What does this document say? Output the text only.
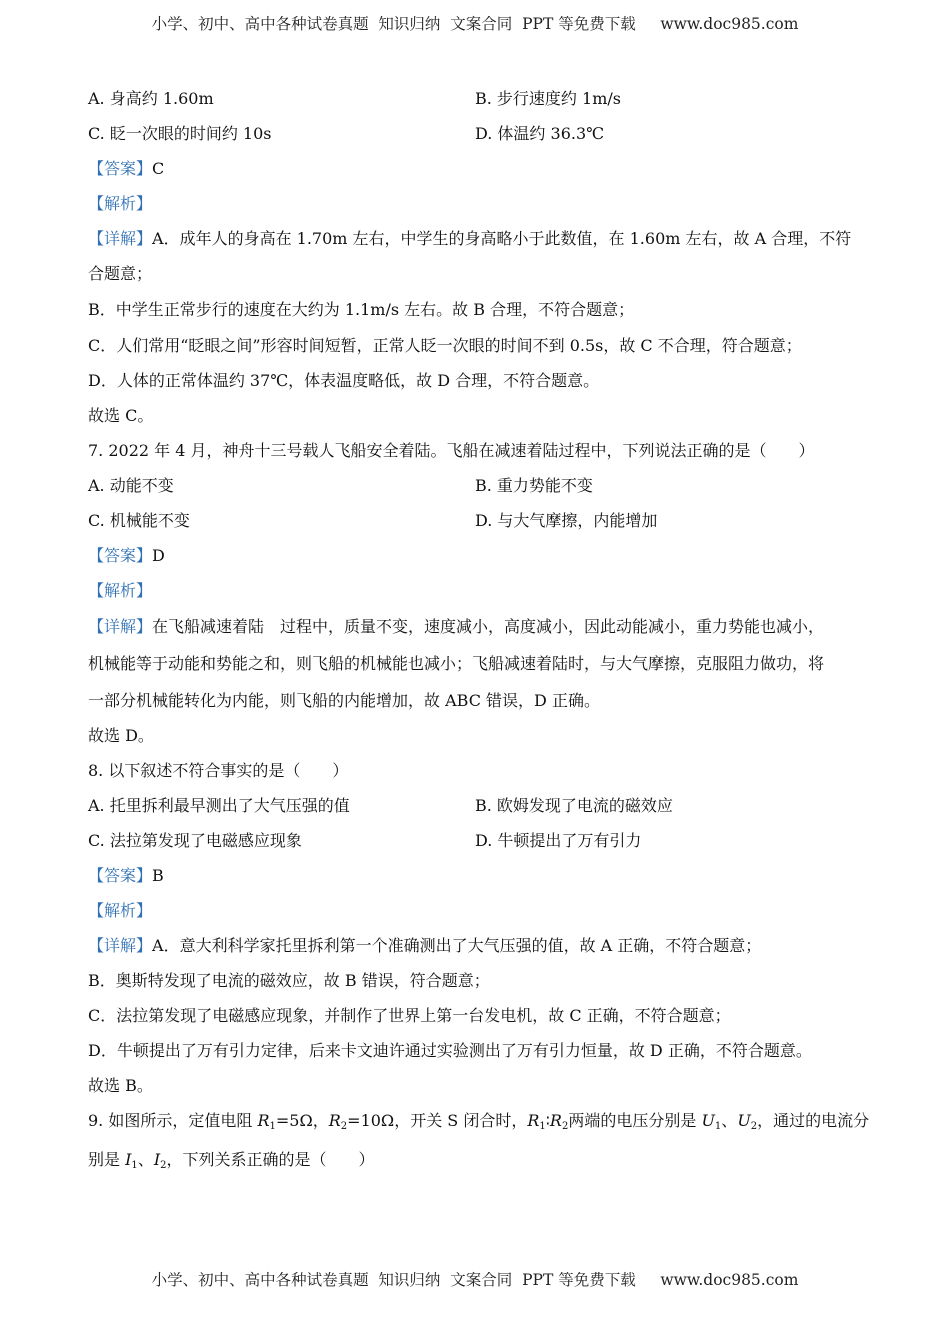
小学、初中、高中各种试卷真题  知识归纳  文案合同  PPT 等免费下载     www.doc985.com
A. 身高约 1.60m	B. 步行速度约 1m/s
C. 眨一次眼的时间约 10s	D. 体温约 36.3℃
【答案】C
【解析】
【详解】A．成年人的身高在 1.70m 左右，中学生的身高略小于此数值，在 1.60m 左右，故 A 合理，不符
合题意；
B．中学生正常步行的速度在大约为 1.1m/s 左右。故 B 合理，不符合题意；
C．人们常用“眨眼之间”形容时间短暂，正常人眨一次眼的时间不到 0.5s，故 C 不合理，符合题意；
D．人体的正常体温约 37℃，体表温度略低，故 D 合理，不符合题意。
故选 C。
7. 2022 年 4 月，神舟十三号载人飞船安全着陆。飞船在减速着陆过程中，下列说法正确的是（　　）
A. 动能不变	B. 重力势能不变
C. 机械能不变	D. 与大气摩擦，内能增加
【答案】D
【解析】
【详解】在飞船减速着陆　过程中，质量不变，速度减小，高度减小，因此动能减小，重力势能也减小，
机械能等于动能和势能之和，则飞船的机械能也减小；飞船减速着陆时，与大气摩擦，克服阻力做功，将
一部分机械能转化为内能，则飞船的内能增加，故 ABC 错误，D 正确。
故选 D。
8. 以下叙述不符合事实的是（　　）
A. 托里拆利最早测出了大气压强的值	B. 欧姆发现了电流的磁效应
C. 法拉第发现了电磁感应现象	D. 牛顿提出了万有引力
【答案】B
【解析】
【详解】A．意大利科学家托里拆利第一个准确测出了大气压强的值，故 A 正确，不符合题意；
B．奥斯特发现了电流的磁效应，故 B 错误，符合题意；
C．法拉第发现了电磁感应现象，并制作了世界上第一台发电机，故 C 正确，不符合题意；
D．牛顿提出了万有引力定律，后来卡文迪许通过实验测出了万有引力恒量，故 D 正确，不符合题意。
故选 B。
9. 如图所示，定值电阻 $R_1=5\Omega$，$R_2=10\Omega$，开关 S 闭合时，$R_1∶R_2$两端的电压分别是 $U_1$、$U_2$，通过的电流分
别是 $I_1$、$I_2$，下列关系正确的是（　　）
小学、初中、高中各种试卷真题  知识归纳  文案合同  PPT 等免费下载     www.doc985.com
